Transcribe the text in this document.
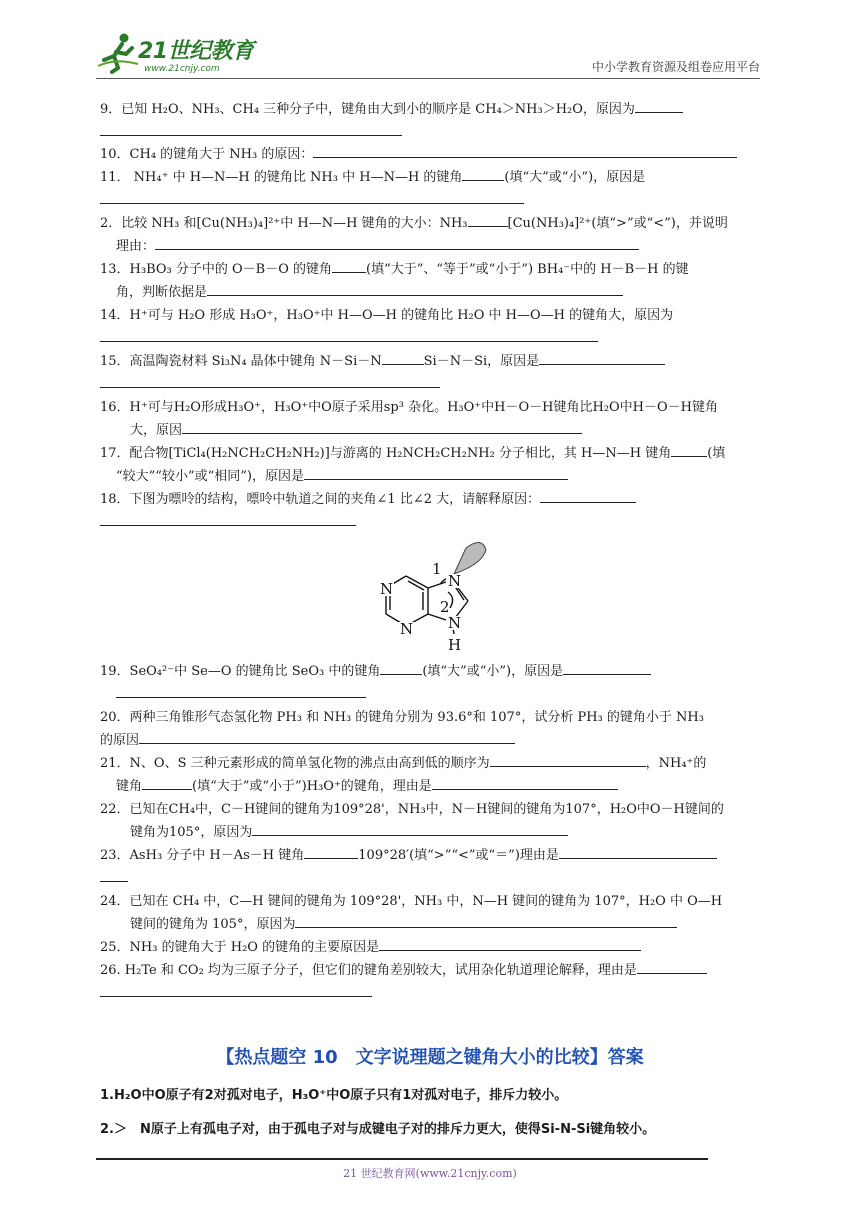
21世纪教育
www.21cnjy.com	中小学教育资源及组卷应用平台
9．已知 H₂O、NH₃、CH₄ 三种分子中，键角由大到小的顺序是 CH₄＞NH₃＞H₂O，原因为

10．CH₄ 的键角大于 NH₃ 的原因：
11． NH₄⁺ 中 H—N—H 的键角比 NH₃ 中 H—N—H 的键角	(填“大”或“小”)，原因是

2．比较 NH₃ 和[Cu(NH₃)₄]²⁺中 H—N—H 键角的大小：NH₃	[Cu(NH₃)₄]²⁺(填“>”或“<”)，并说明
理由：
13．H₃BO₃ 分子中的 O－B－O 的键角	(填“大于”、“等于”或“小于”) BH₄⁻中的 H－B－H 的键
角，判断依据是
14．H⁺可与 H₂O 形成 H₃O⁺，H₃O⁺中 H—O—H 的键角比 H₂O 中 H—O—H 的键角大，原因为

15．高温陶瓷材料 Si₃N₄ 晶体中键角 N－Si－N	Si－N－Si，原因是

16．H⁺可与H₂O形成H₃O⁺，H₃O⁺中O原子采用sp³ 杂化。H₃O⁺中H－O－H键角比H₂O中H－O－H键角
大，原因
17．配合物[TiCl₄(H₂NCH₂CH₂NH₂)]与游离的 H₂NCH₂CH₂NH₂ 分子相比，其 H—N—H 键角	(填
“较大”“较小”或“相同”)，原因是
18．下图为嘌呤的结构，嘌呤中轨道之间的夹角∠1 比∠2 大，请解释原因：

N
N
N
N
H
1
2
19．SeO₄²⁻中 Se—O 的键角比 SeO₃ 中的键角	(填“大”或“小”)，原因是

20．两种三角锥形气态氢化物 PH₃ 和 NH₃ 的键角分别为 93.6°和 107°，试分析 PH₃ 的键角小于 NH₃
的原因
21．N、O、S 三种元素形成的简单氢化物的沸点由高到低的顺序为	，NH₄⁺的
键角	(填“大于”或“小于”)H₃O⁺的键角，理由是
22．已知在CH₄中，C－H键间的键角为109°28'，NH₃中，N－H键间的键角为107°，H₂O中O－H键间的
键角为105°，原因为
23．AsH₃ 分子中 H－As－H 键角	109°28′(填“>”“<”或“＝”)理由是

24．已知在 CH₄ 中，C—H 键间的键角为 109°28'，NH₃ 中，N—H 键间的键角为 107°，H₂O 中 O—H
键间的键角为 105°，原因为
25．NH₃ 的键角大于 H₂O 的键角的主要原因是
26. H₂Te 和 CO₂ 均为三原子分子，但它们的键角差别较大，试用杂化轨道理论解释，理由是

【热点题空 10　文字说理题之键角大小的比较】答案
1.H₂O中O原子有2对孤对电子，H₃O⁺中O原子只有1对孤对电子，排斥力较小。
2.＞　N原子上有孤电子对，由于孤电子对与成键电子对的排斥力更大，使得Si-N-Si键角较小。
21 世纪教育网(www.21cnjy.com)
